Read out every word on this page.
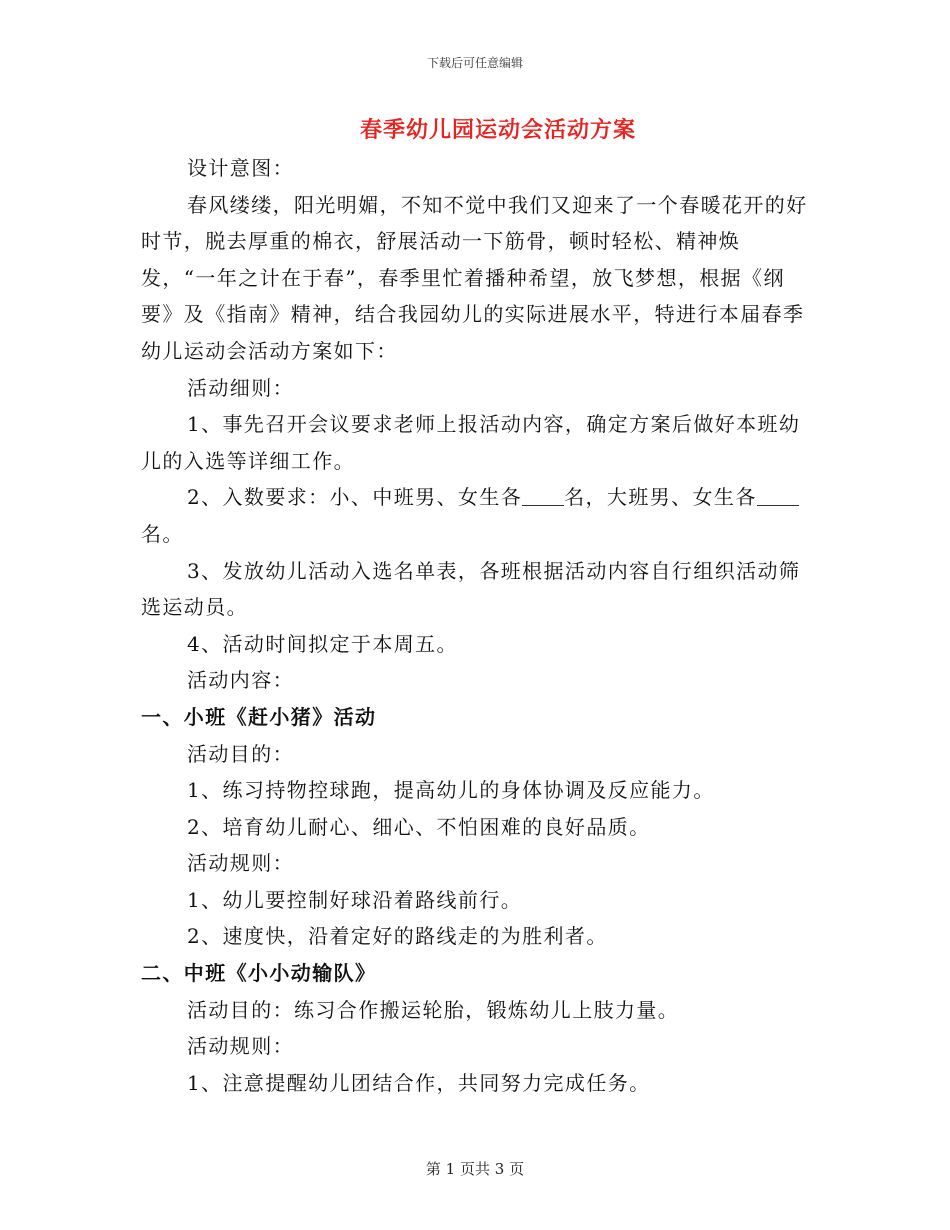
下载后可任意编辑
春季幼儿园运动会活动方案

设计意图：

春风缕缕，阳光明媚，不知不觉中我们又迎来了一个春暖花开的好时节，脱去厚重的棉衣，舒展活动一下筋骨，顿时轻松、精神焕发，“一年之计在于春”，春季里忙着播种希望，放飞梦想，根据《纲要》及《指南》精神，结合我园幼儿的实际进展水平，特进行本届春季幼儿运动会活动方案如下：

活动细则：

1、事先召开会议要求老师上报活动内容，确定方案后做好本班幼儿的入选等详细工作。

2、入数要求：小、中班男、女生各 名，大班男、女生各名。

3、发放幼儿活动入选名单表，各班根据活动内容自行组织活动筛选运动员。

4、活动时间拟定于本周五。

活动内容：

一、小班《赶小猪》活动

活动目的：

1、练习持物控球跑，提高幼儿的身体协调及反应能力。

2、培育幼儿耐心、细心、不怕困难的良好品质。

活动规则：

1、幼儿要控制好球沿着路线前行。

2、速度快，沿着定好的路线走的为胜利者。

二、中班《小小动输队》

活动目的：练习合作搬运轮胎，锻炼幼儿上肢力量。

活动规则：

1、注意提醒幼儿团结合作，共同努力完成任务。

第 1 页共 3 页
